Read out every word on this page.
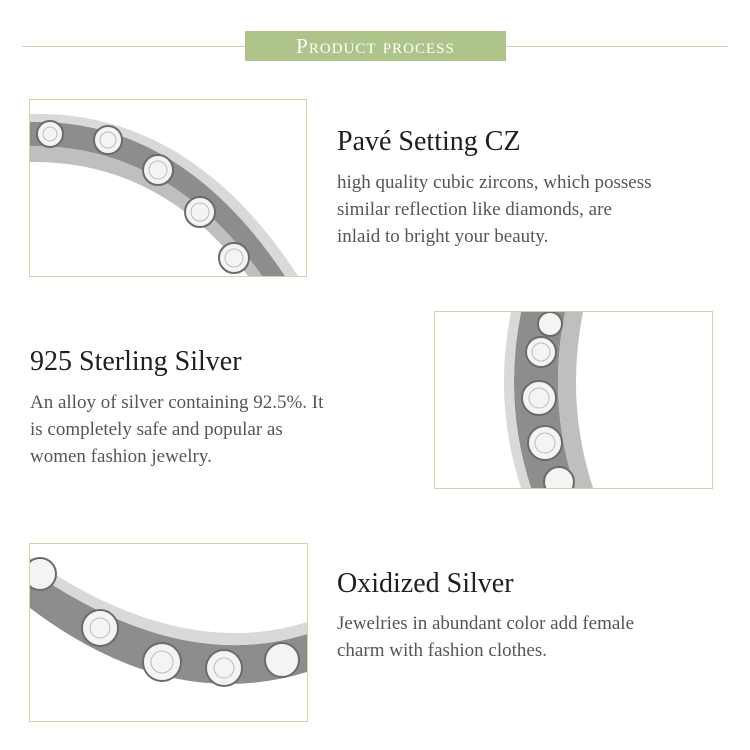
Product process
Pavé Setting CZ
high quality cubic zircons, which possess
similar reflection like diamonds, are
inlaid to bright your beauty.
925 Sterling Silver
An alloy of silver containing 92.5%. It
is completely safe and popular as
women fashion jewelry.
Oxidized Silver
Jewelries in abundant color add female
charm with fashion clothes.
